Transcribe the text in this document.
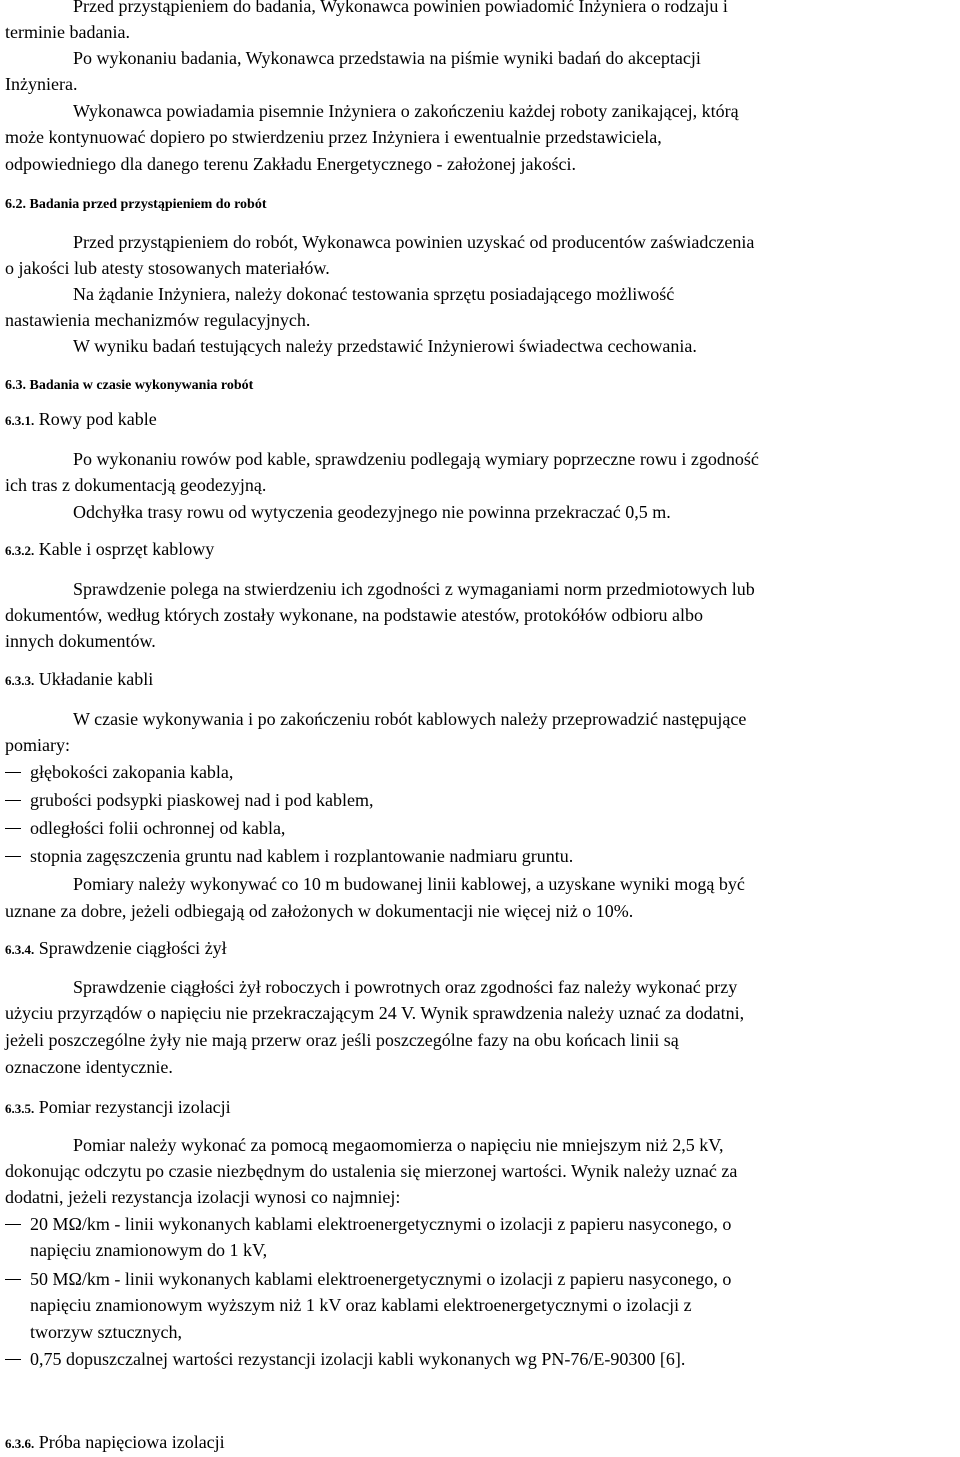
Przed przystąpieniem do badania, Wykonawca powinien powiadomić Inżyniera o rodzaju i
terminie badania.
Po wykonaniu badania, Wykonawca przedstawia na piśmie wyniki badań do akceptacji
Inżyniera.
Wykonawca powiadamia pisemnie Inżyniera o zakończeniu każdej roboty zanikającej, którą
może kontynuować dopiero po stwierdzeniu przez Inżyniera i ewentualnie przedstawiciela,
odpowiedniego dla danego terenu Zakładu Energetycznego - założonej jakości.
6.2. Badania przed przystąpieniem do robót
Przed przystąpieniem do robót, Wykonawca powinien uzyskać od producentów zaświadczenia
o jakości lub atesty stosowanych materiałów.
Na żądanie Inżyniera, należy dokonać testowania sprzętu posiadającego możliwość
nastawienia mechanizmów regulacyjnych.
W wyniku badań testujących należy przedstawić Inżynierowi świadectwa cechowania.
6.3. Badania w czasie wykonywania robót
6.3.1. Rowy pod kable
Po wykonaniu rowów pod kable, sprawdzeniu podlegają wymiary poprzeczne rowu i zgodność
ich tras z dokumentacją geodezyjną.
Odchyłka trasy rowu od wytyczenia geodezyjnego nie powinna przekraczać 0,5 m.
6.3.2. Kable i osprzęt kablowy
Sprawdzenie polega na stwierdzeniu ich zgodności z wymaganiami norm przedmiotowych lub
dokumentów, według których zostały wykonane, na podstawie atestów, protokółów odbioru albo
innych dokumentów.
6.3.3. Układanie kabli
W czasie wykonywania i po zakończeniu robót kablowych należy przeprowadzić następujące
pomiary:
głębokości zakopania kabla,
grubości podsypki piaskowej nad i pod kablem,
odległości folii ochronnej od kabla,
stopnia zagęszczenia gruntu nad kablem i rozplantowanie nadmiaru gruntu.
Pomiary należy wykonywać co 10 m budowanej linii kablowej, a uzyskane wyniki mogą być
uznane za dobre, jeżeli odbiegają od założonych w dokumentacji nie więcej niż o 10%.
6.3.4. Sprawdzenie ciągłości żył
Sprawdzenie ciągłości żył roboczych i powrotnych oraz zgodności faz należy wykonać przy
użyciu przyrządów o napięciu nie przekraczającym 24 V. Wynik sprawdzenia należy uznać za dodatni,
jeżeli poszczególne żyły nie mają przerw oraz jeśli poszczególne fazy na obu końcach linii są
oznaczone identycznie.
6.3.5. Pomiar rezystancji izolacji
Pomiar należy wykonać za pomocą megaomomierza o napięciu nie mniejszym niż 2,5 kV,
dokonując odczytu po czasie niezbędnym do ustalenia się mierzonej wartości. Wynik należy uznać za
dodatni, jeżeli rezystancja izolacji wynosi co najmniej:
20 MΩ/km - linii wykonanych kablami elektroenergetycznymi o izolacji z papieru nasyconego, o
napięciu znamionowym do 1 kV,
50 MΩ/km - linii wykonanych kablami elektroenergetycznymi o izolacji z papieru nasyconego, o
napięciu znamionowym wyższym niż 1 kV oraz kablami elektroenergetycznymi o izolacji z
tworzyw sztucznych,
0,75 dopuszczalnej wartości rezystancji izolacji kabli wykonanych wg PN-76/E-90300 [6].
6.3.6. Próba napięciowa izolacji
